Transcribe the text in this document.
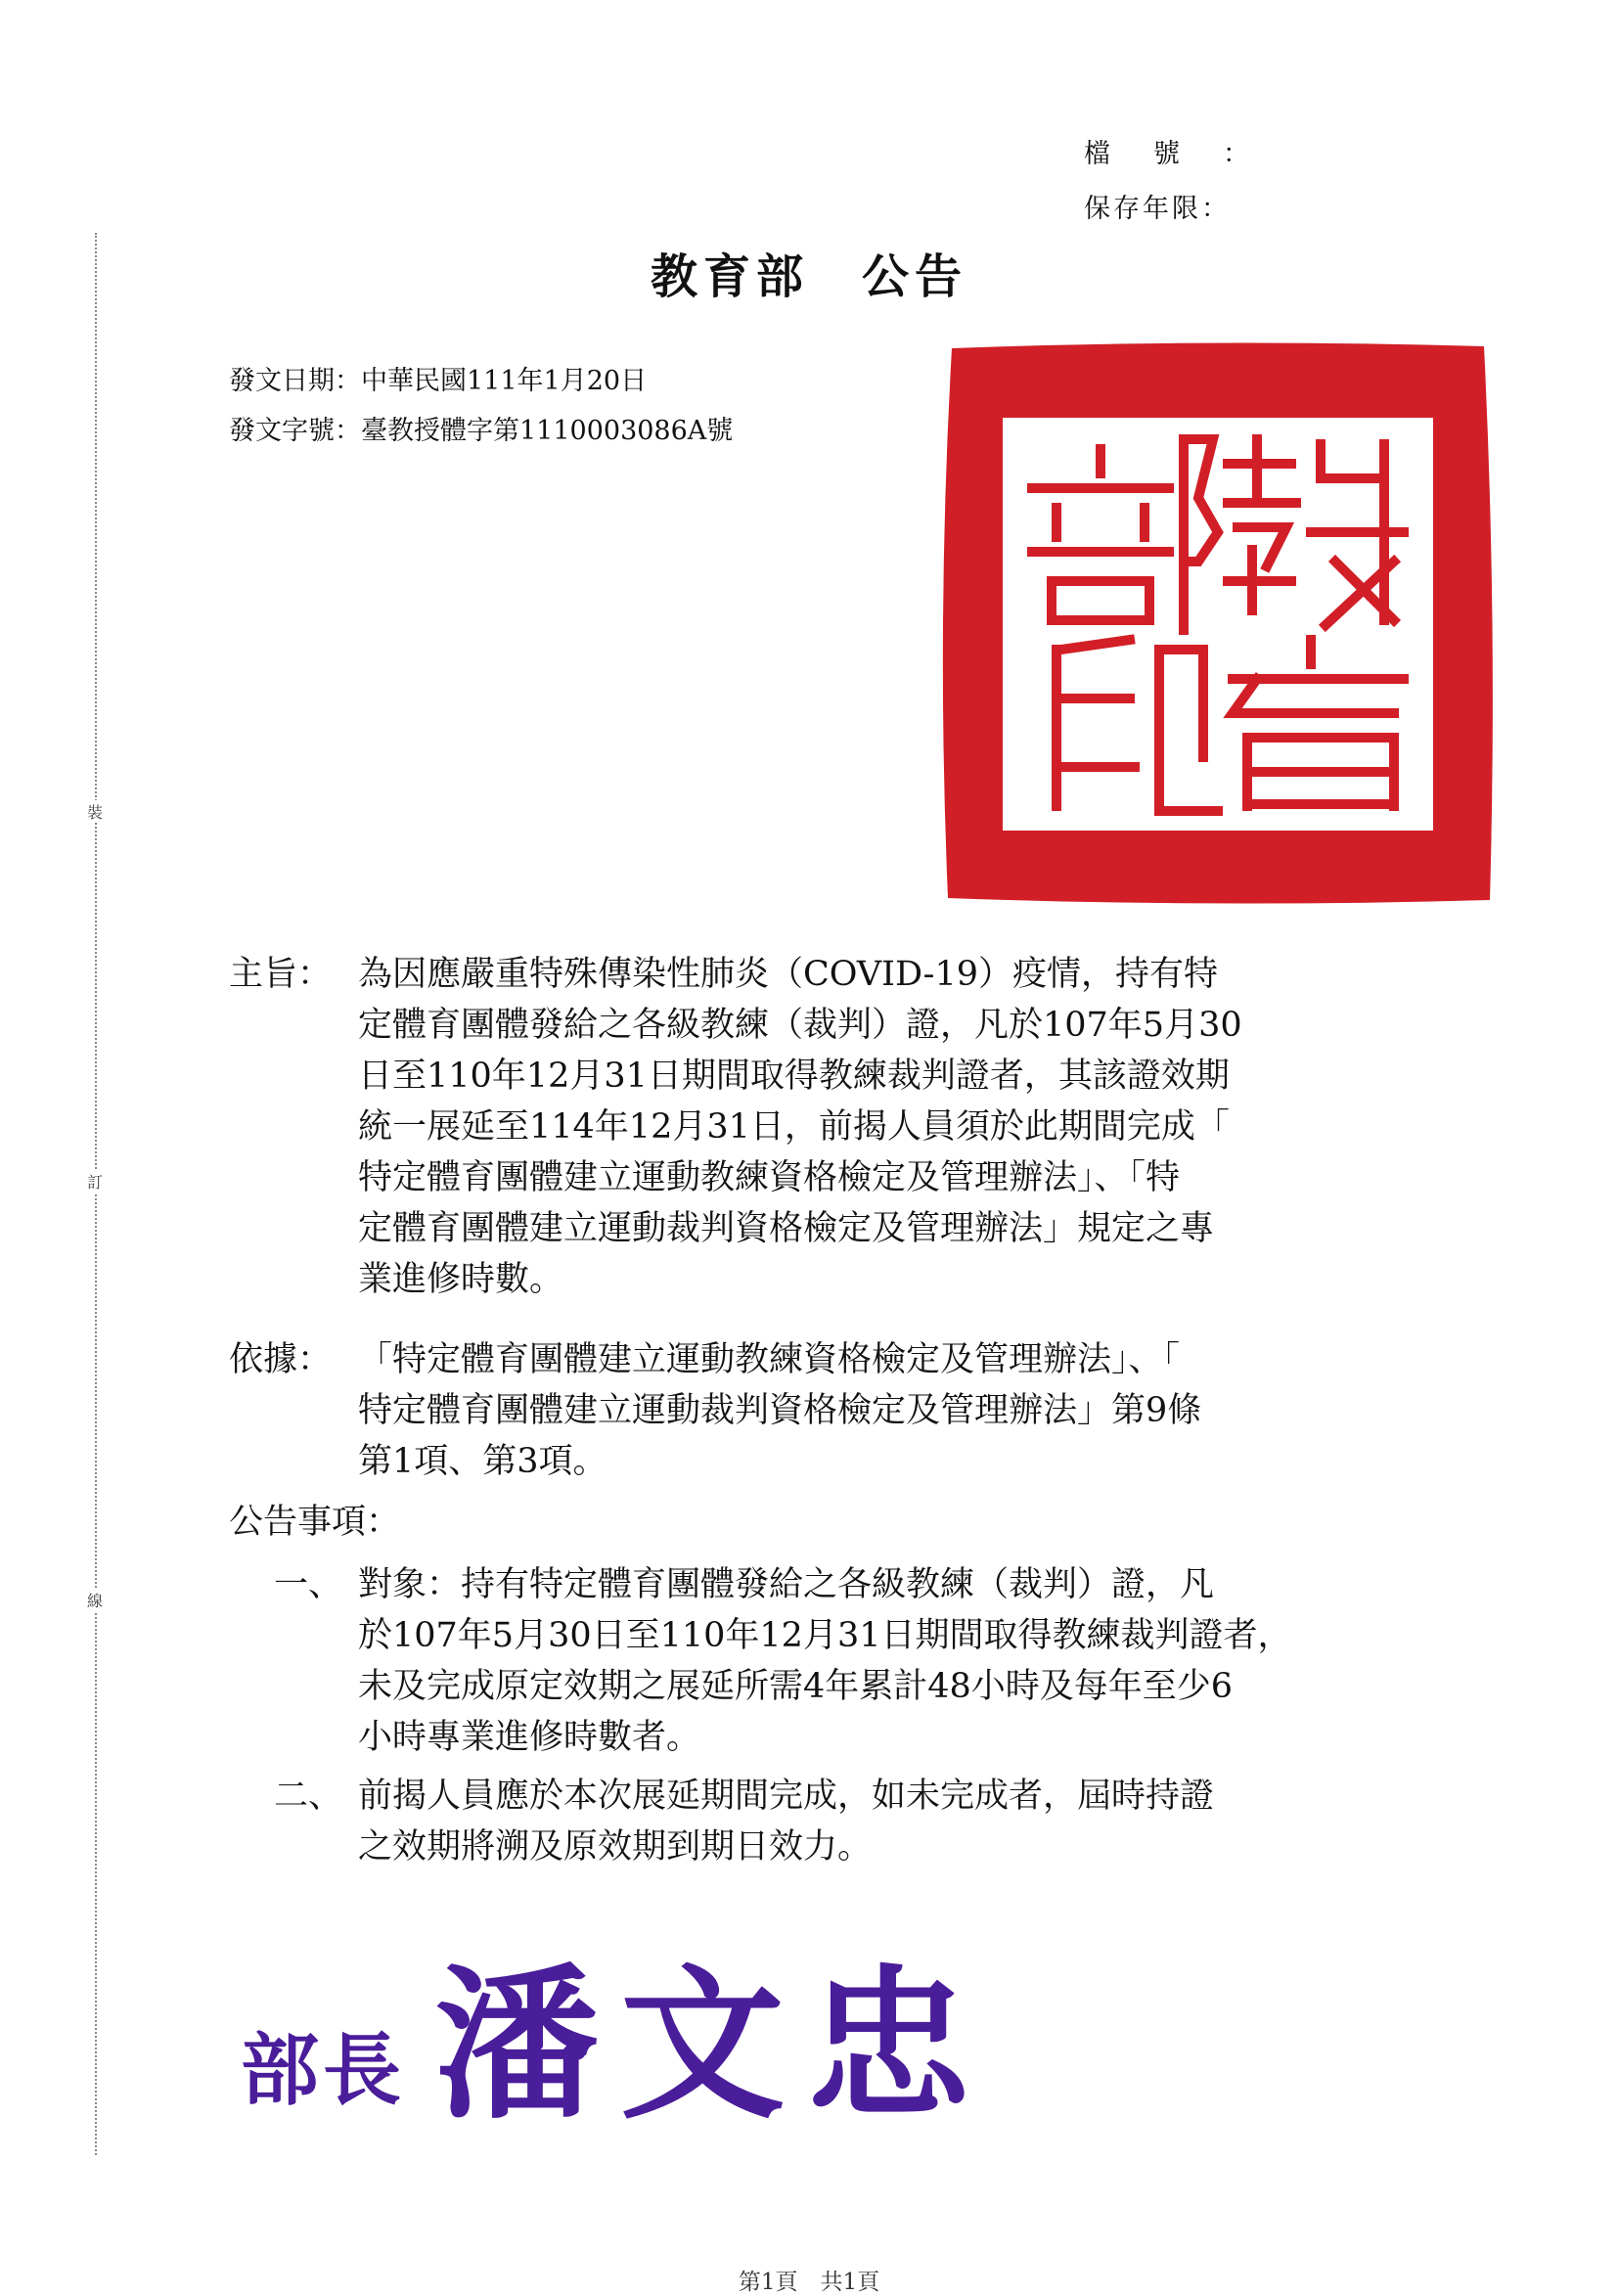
裝
訂
線
檔號：
保存年限：
教育部　公告
發文日期：中華民國111年1月20日
發文字號：臺教授體字第1110003086A號
主旨： 為因應嚴重特殊傳染性肺炎（COVID-19）疫情，持有特
定體育團體發給之各級教練（裁判）證，凡於107年5月30
日至110年12月31日期間取得教練裁判證者，其該證效期
統一展延至114年12月31日，前揭人員須於此期間完成「
特定體育團體建立運動教練資格檢定及管理辦法」、「特
定體育團體建立運動裁判資格檢定及管理辦法」規定之專
業進修時數。
依據： 「特定體育團體建立運動教練資格檢定及管理辦法」、「
特定體育團體建立運動裁判資格檢定及管理辦法」第9條
第1項、第3項。
公告事項：
一、 對象：持有特定體育團體發給之各級教練（裁判）證，凡
於107年5月30日至110年12月31日期間取得教練裁判證者，
未及完成原定效期之展延所需4年累計48小時及每年至少6
小時專業進修時數者。
二、 前揭人員應於本次展延期間完成，如未完成者，屆時持證
之效期將溯及原效期到期日效力。
部長 潘文忠
第1頁　共1頁
